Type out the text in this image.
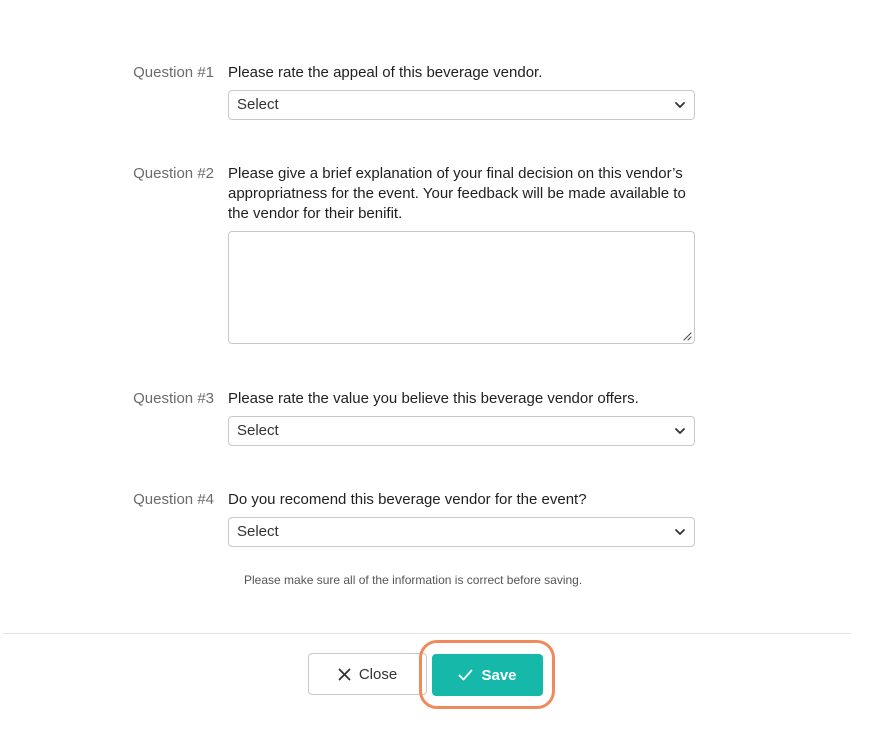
Question #1 Please rate the appeal of this beverage vendor.
Select
Question #2 Please give a brief explanation of your final decision on this vendor’s appropriatness for the event. Your feedback will be made available to the vendor for their benifit.
Question #3 Please rate the value you believe this beverage vendor offers.
Select
Question #4 Do you recomend this beverage vendor for the event?
Select
Please make sure all of the information is correct before saving.
Close	Save
